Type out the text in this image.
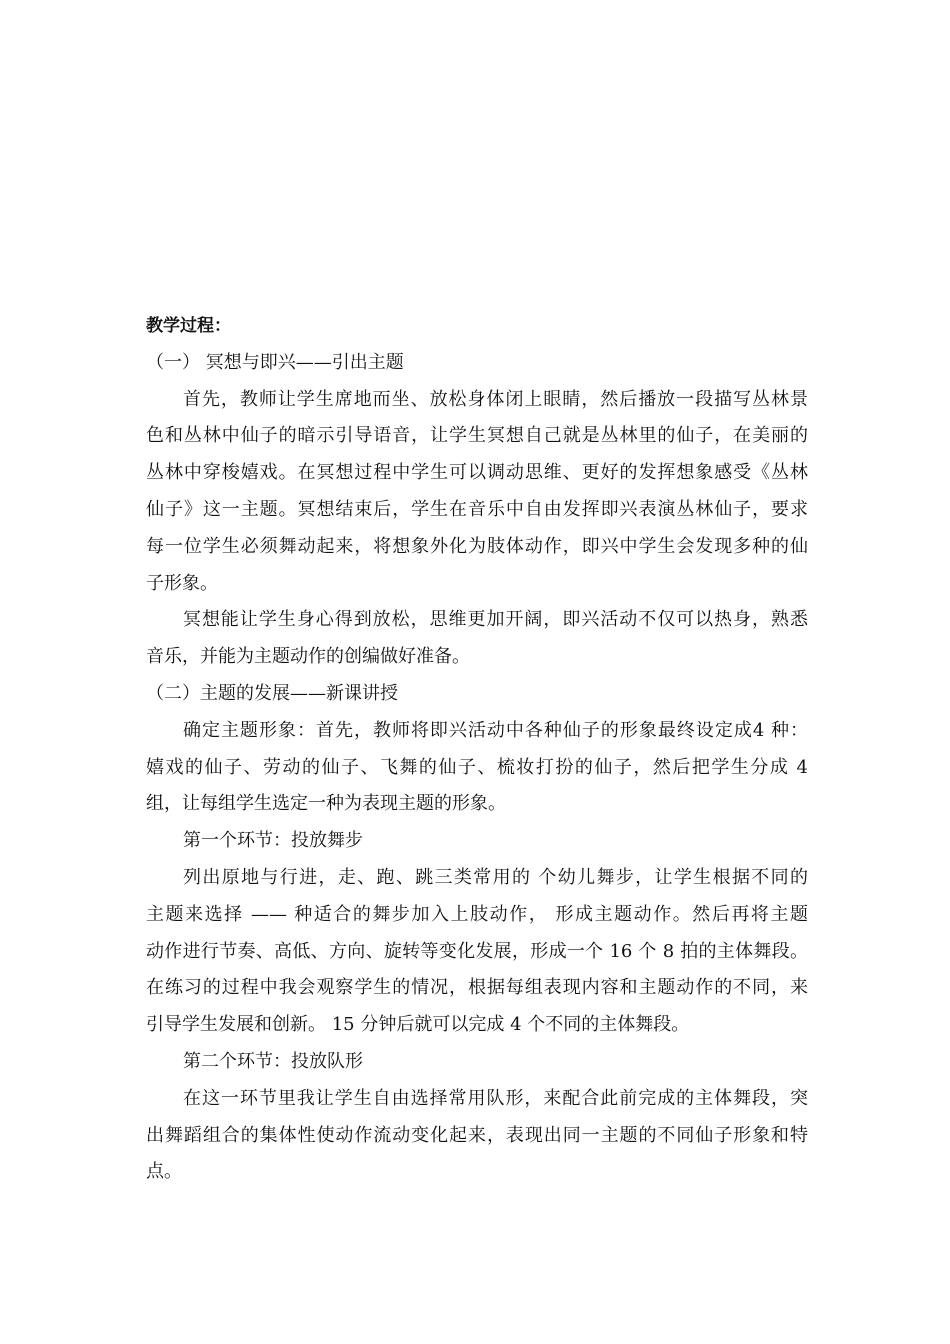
教学过程：
（一） 冥想与即兴——引出主题
首先，教师让学生席地而坐、放松身体闭上眼睛，然后播放一段描写丛林景
色和丛林中仙子的暗示引导语音，让学生冥想自己就是丛林里的仙子，在美丽的
丛林中穿梭嬉戏。在冥想过程中学生可以调动思维、更好的发挥想象感受《丛林
仙子》这一主题。冥想结束后，学生在音乐中自由发挥即兴表演丛林仙子，要求
每一位学生必须舞动起来，将想象外化为肢体动作，即兴中学生会发现多种的仙
子形象。
冥想能让学生身心得到放松，思维更加开阔，即兴活动不仅可以热身，熟悉
音乐，并能为主题动作的创编做好准备。
（二）主题的发展——新课讲授
确定主题形象：首先，教师将即兴活动中各种仙子的形象最终设定成4 种：
嬉戏的仙子、劳动的仙子、飞舞的仙子、梳妆打扮的仙子，然后把学生分成 4
组，让每组学生选定一种为表现主题的形象。
第一个环节：投放舞步
列出原地与行进，走、跑、跳三类常用的 个幼儿舞步，让学生根据不同的
主题来选择 —— 种适合的舞步加入上肢动作， 形成主题动作。然后再将主题
动作进行节奏、高低、方向、旋转等变化发展，形成一个 16 个 8 拍的主体舞段。
在练习的过程中我会观察学生的情况，根据每组表现内容和主题动作的不同，来
引导学生发展和创新。 15 分钟后就可以完成 4 个不同的主体舞段。
第二个环节：投放队形
在这一环节里我让学生自由选择常用队形，来配合此前完成的主体舞段，突
出舞蹈组合的集体性使动作流动变化起来，表现出同一主题的不同仙子形象和特
点。
